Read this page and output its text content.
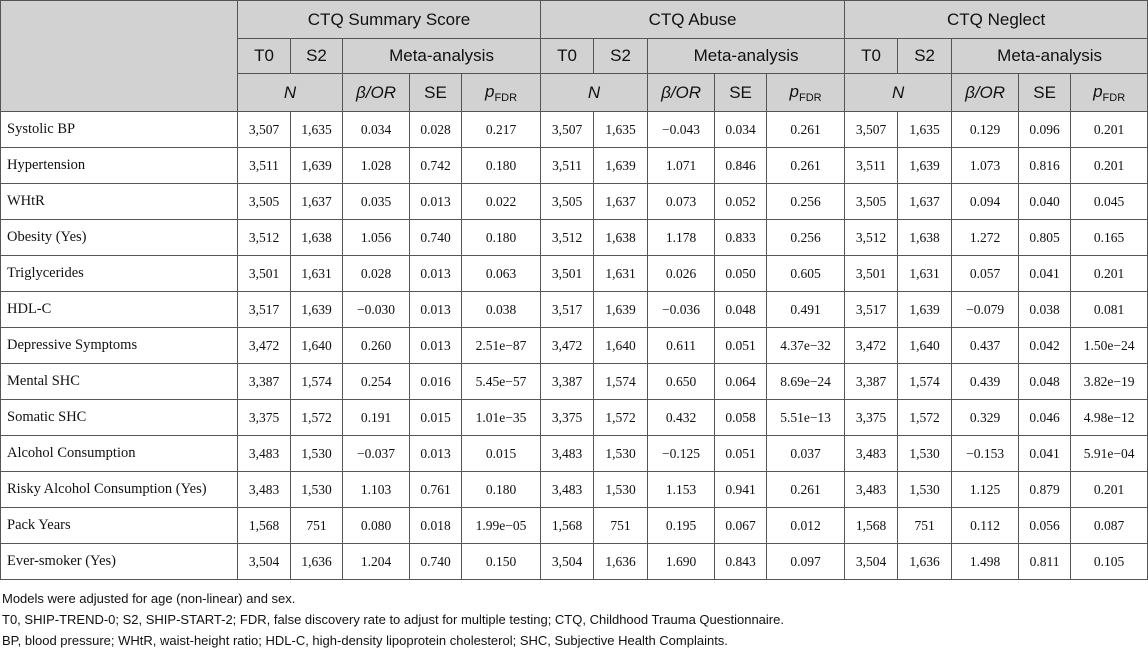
	CTQ Summary Score					CTQ Abuse					CTQ Neglect				
	T0	S2	Meta-analysis			T0	S2	Meta-analysis			T0	S2	Meta-analysis		
	N		β/OR	SE	$p_{FDR}$	N		β/OR	SE	$p_{FDR}$	N		β/OR	SE	$p_{FDR}$
Systolic BP	3,507	1,635	0.034	0.028	0.217	3,507	1,635	−0.043	0.034	0.261	3,507	1,635	0.129	0.096	0.201
Hypertension	3,511	1,639	1.028	0.742	0.180	3,511	1,639	1.071	0.846	0.261	3,511	1,639	1.073	0.816	0.201
WHtR	3,505	1,637	0.035	0.013	0.022	3,505	1,637	0.073	0.052	0.256	3,505	1,637	0.094	0.040	0.045
Obesity (Yes)	3,512	1,638	1.056	0.740	0.180	3,512	1,638	1.178	0.833	0.256	3,512	1,638	1.272	0.805	0.165
Triglycerides	3,501	1,631	0.028	0.013	0.063	3,501	1,631	0.026	0.050	0.605	3,501	1,631	0.057	0.041	0.201
HDL-C	3,517	1,639	−0.030	0.013	0.038	3,517	1,639	−0.036	0.048	0.491	3,517	1,639	−0.079	0.038	0.081
Depressive Symptoms	3,472	1,640	0.260	0.013	2.51e−87	3,472	1,640	0.611	0.051	4.37e−32	3,472	1,640	0.437	0.042	1.50e−24
Mental SHC	3,387	1,574	0.254	0.016	5.45e−57	3,387	1,574	0.650	0.064	8.69e−24	3,387	1,574	0.439	0.048	3.82e−19
Somatic SHC	3,375	1,572	0.191	0.015	1.01e−35	3,375	1,572	0.432	0.058	5.51e−13	3,375	1,572	0.329	0.046	4.98e−12
Alcohol Consumption	3,483	1,530	−0.037	0.013	0.015	3,483	1,530	−0.125	0.051	0.037	3,483	1,530	−0.153	0.041	5.91e−04
Risky Alcohol Consumption (Yes)	3,483	1,530	1.103	0.761	0.180	3,483	1,530	1.153	0.941	0.261	3,483	1,530	1.125	0.879	0.201
Pack Years	1,568	751	0.080	0.018	1.99e−05	1,568	751	0.195	0.067	0.012	1,568	751	0.112	0.056	0.087
Ever-smoker (Yes)	3,504	1,636	1.204	0.740	0.150	3,504	1,636	1.690	0.843	0.097	3,504	1,636	1.498	0.811	0.105
Models were adjusted for age (non-linear) and sex.
T0, SHIP-TREND-0; S2, SHIP-START-2; FDR, false discovery rate to adjust for multiple testing; CTQ, Childhood Trauma Questionnaire.
BP, blood pressure; WHtR, waist-height ratio; HDL-C, high-density lipoprotein cholesterol; SHC, Subjective Health Complaints.
